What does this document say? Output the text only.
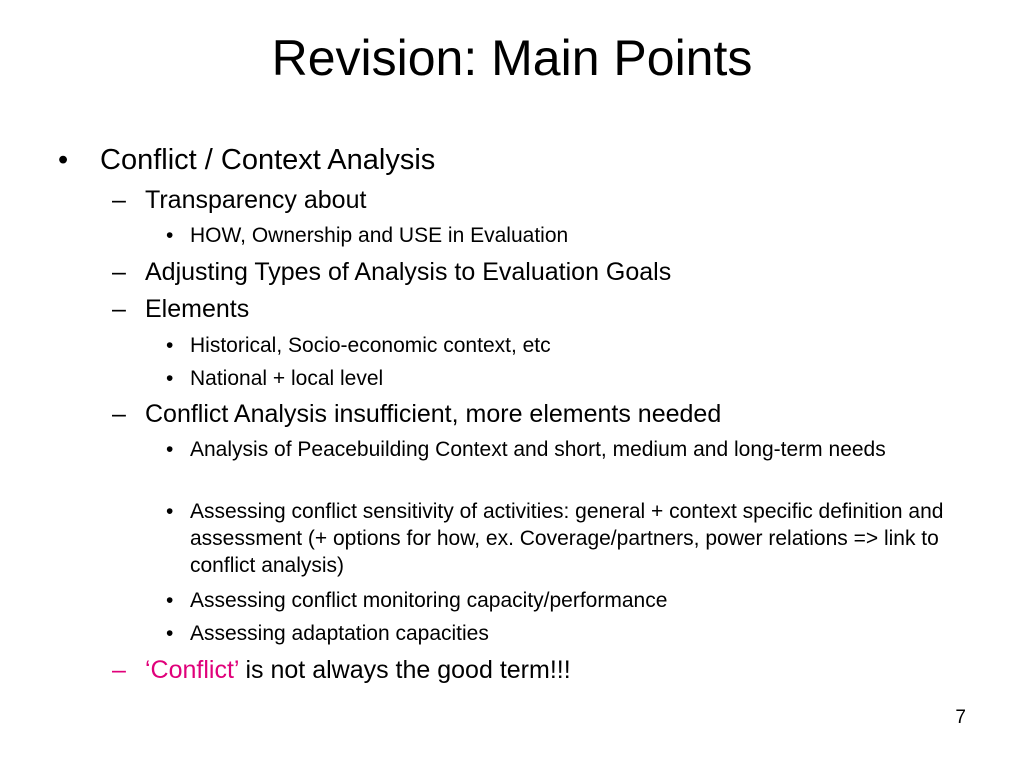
Revision: Main Points
•	Conflict / Context Analysis
– Transparency about
• HOW, Ownership and USE in Evaluation
– Adjusting Types of Analysis to Evaluation Goals
– Elements
• Historical, Socio-economic context, etc
• National + local level
– Conflict Analysis insufficient, more elements needed
• Analysis of Peacebuilding Context and short, medium and long-term needs
• Assessing conflict sensitivity of activities: general + context specific definition and assessment (+ options for how, ex. Coverage/partners, power relations => link to conflict analysis)
• Assessing conflict monitoring capacity/performance
• Assessing adaptation capacities
– ‘Conflict’ is not always the good term!!!
7
